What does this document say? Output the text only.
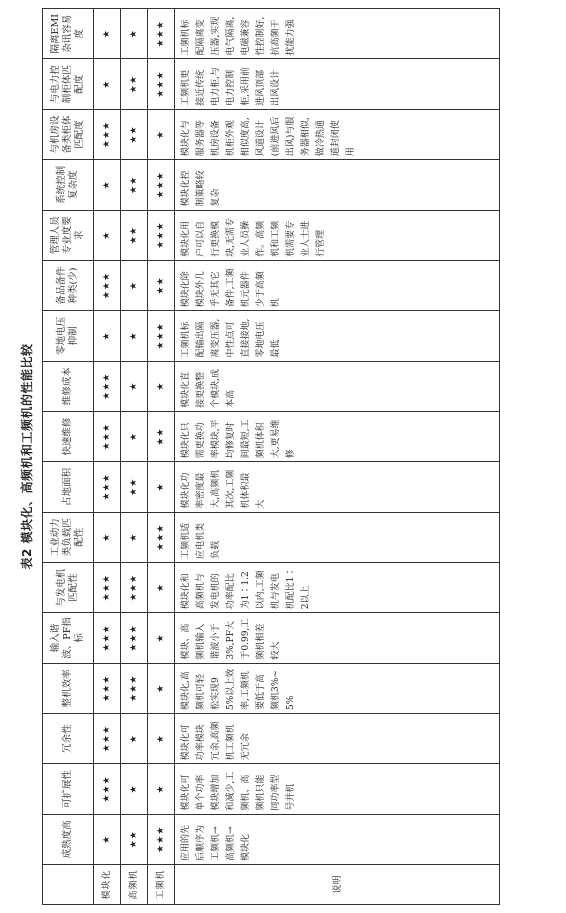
表2 模块化、高频机和工频机的性能比较
	成熟度高	可扩展性	冗余性	整机效率	输入谐波、PF指标	与发电机匹配性	工业动力类负载匹配性	占地面积	快速维修	维修成本	零地电压抑制	备品备件种类(少)	管理人员专业度要求	系统控制复杂度	与机房设备类柜体匹配度	与电力控制柜体匹配度	隔离EMI杂讯容易度
模块化	★	★★★	★★★	★★★	★★★	★★★	★	★★★	★★★	★★★	★	★★★	★	★	★★★	★	★
高频机	★★	★	★	★★★	★★★	★★★	★	★★	★	★	★	★	★★	★★	★★	★★	★
工频机	★★★	★	★	★	★	★	★★★	★	★★	★	★★★	★★	★★★	★★★	★	★★★	★★★
说明	应用的先后顺序为工频机→高频机→模块化	模块化可单个功率模块增加和减少,工频机、高频机只能同功率型号并机	模块化可功率模块冗余,高频机工频机无冗余	模块化,高频机可轻松实现95%以上效率,工频机要低于高频机3%~5%	模块、高频机输入谐波小于3%,PF大于0.99,工频机相差较大	模块化和高频机与发电机的功率配比为1∶1.2以内,工频机与发电机配比1∶2以上	工频机适应电机类负载	模块化功率密度最大,高频机其次,工频机体积最大	模块化只需更换功率模块,平均修复时间最短,工频机体积大,更易维修	模块化直接更换整个模块,成本高	工频机标配输出隔离变压器,中性点可直接接地,零地电压最低	模块化除模块外几乎无其它备件,工频机元器件少于高频机	模块化用户可以自行更换模块,无需专业人员操作。高频机和工频机需要专业人士进行管理	模块化控制策略较复杂	模块化与服务器等机房设备机柜外观相似度高,风道设计(前进风后出风)与服务器相似,做冷热通道封闭使用	工频机更接近传统电力柜,与电力控制柜,采用前进风顶部出风设计	工频机标配隔离变压器,实现电气隔离,电磁兼容性控制好,抗高频干扰能力强
